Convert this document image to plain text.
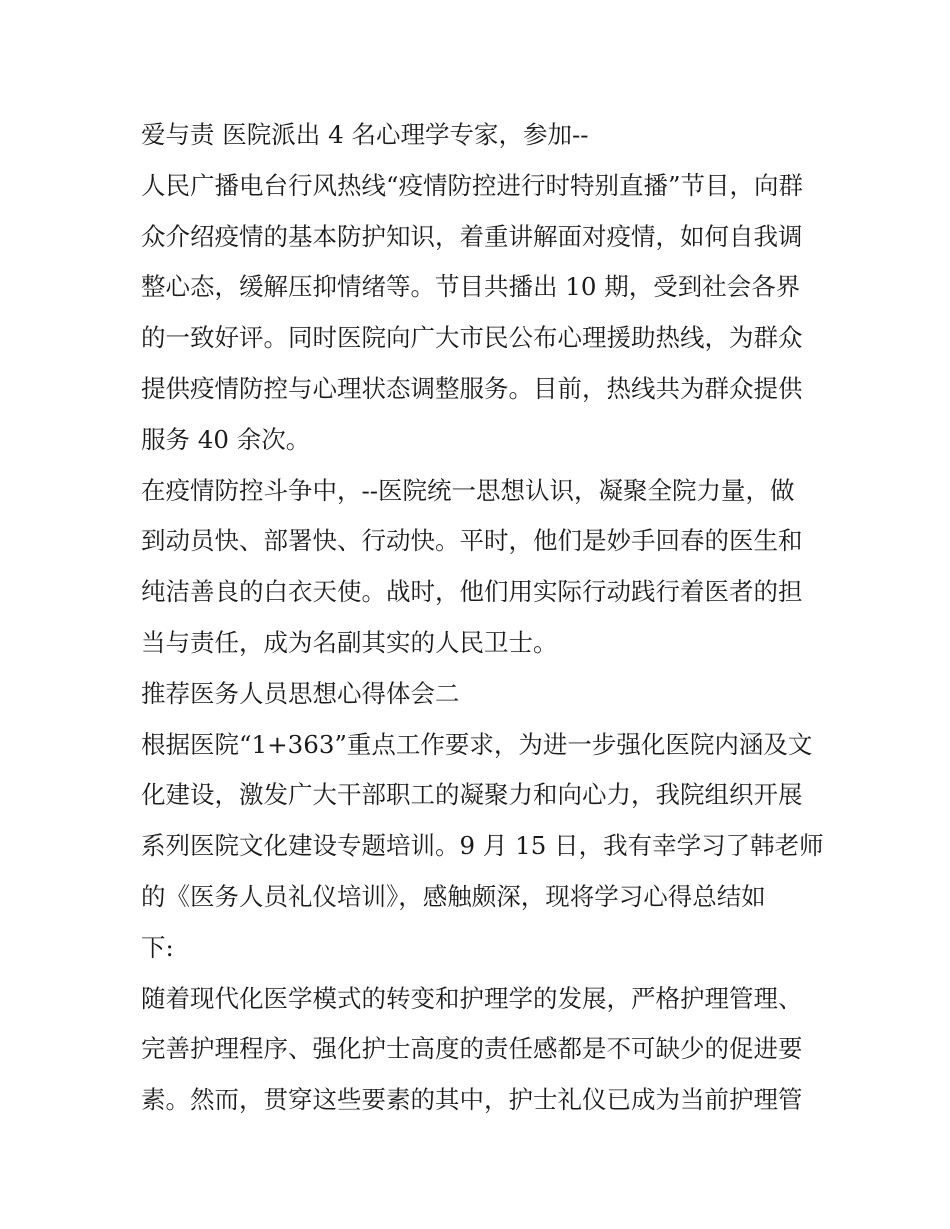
爱与责 医院派出 4 名心理学专家，参加--
人民广播电台行风热线“疫情防控进行时特别直播”节目，向群
众介绍疫情的基本防护知识，着重讲解面对疫情，如何自我调
整心态，缓解压抑情绪等。节目共播出 10 期，受到社会各界
的一致好评。同时医院向广大市民公布心理援助热线，为群众
提供疫情防控与心理状态调整服务。目前，热线共为群众提供
服务 40 余次。
在疫情防控斗争中，--医院统一思想认识，凝聚全院力量，做
到动员快、部署快、行动快。平时，他们是妙手回春的医生和
纯洁善良的白衣天使。战时，他们用实际行动践行着医者的担
当与责任，成为名副其实的人民卫士。
推荐医务人员思想心得体会二
根据医院“1+363”重点工作要求，为进一步强化医院内涵及文
化建设，激发广大干部职工的凝聚力和向心力，我院组织开展
系列医院文化建设专题培训。9 月 15 日，我有幸学习了韩老师
的《医务人员礼仪培训》，感触颇深，现将学习心得总结如
下:
随着现代化医学模式的转变和护理学的发展，严格护理管理、
完善护理程序、强化护士高度的责任感都是不可缺少的促进要
素。然而，贯穿这些要素的其中，护士礼仪已成为当前护理管
